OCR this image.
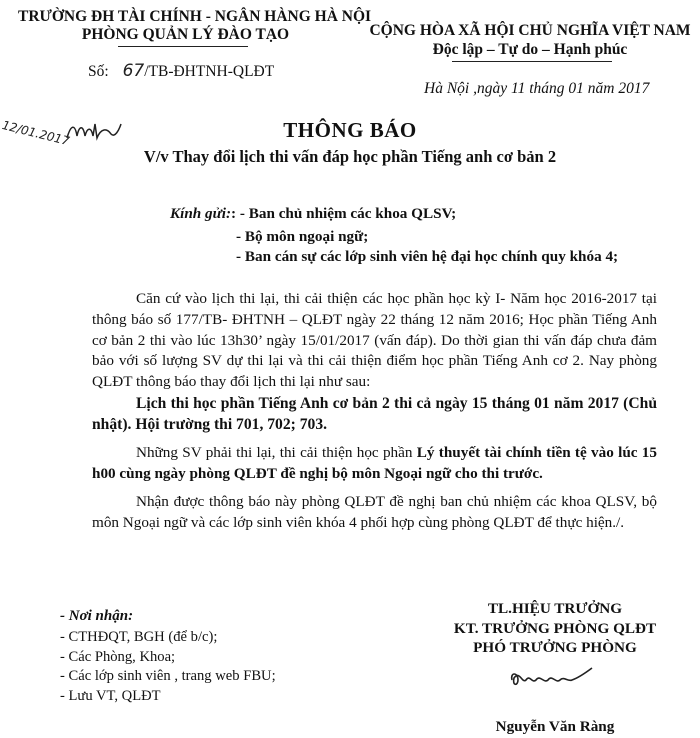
TRƯỜNG ĐH TÀI CHÍNH - NGÂN HÀNG HÀ NỘI
PHÒNG QUẢN LÝ ĐÀO TẠO
Số: 67/TB-ĐHTNH-QLĐT
CỘNG HÒA XÃ HỘI CHỦ NGHĨA VIỆT NAM
Độc lập – Tự do – Hạnh phúc
Hà Nội ,ngày 11 tháng 01 năm 2017
12/01.2017	THÔNG BÁO
V/v Thay đổi lịch thi vấn đáp học phần Tiếng anh cơ bản 2
Kính gửi:: - Ban chủ nhiệm các khoa QLSV;
- Bộ môn ngoại ngữ;
- Ban cán sự các lớp sinh viên hệ đại học chính quy khóa 4;
Căn cứ vào lịch thi lại, thi cải thiện các học phần học kỳ I- Năm học 2016-2017 tại thông báo số 177/TB- ĐHTNH – QLĐT ngày 22 tháng 12 năm 2016; Học phần Tiếng Anh cơ bản 2 thi vào lúc 13h30’ ngày 15/01/2017 (vấn đáp). Do thời gian thi vấn đáp chưa đảm bảo với số lượng SV dự thi lại và thi cải thiện điểm học phần Tiếng Anh cơ 2. Nay phòng QLĐT thông báo thay đổi lịch thi lại như sau:
Lịch thi học phần Tiếng Anh cơ bản 2 thi cả ngày 15 tháng 01 năm 2017 (Chủ nhật). Hội trường thi 701, 702; 703.
Những SV phải thi lại, thi cải thiện học phần Lý thuyết tài chính tiền tệ vào lúc 15 h00 cùng ngày phòng QLĐT đề nghị bộ môn Ngoại ngữ cho thi trước.
Nhận được thông báo này phòng QLĐT đề nghị ban chủ nhiệm các khoa QLSV, bộ môn Ngoại ngữ và các lớp sinh viên khóa 4 phối hợp cùng phòng QLĐT để thực hiện./.
- Nơi nhận:
- CTHĐQT, BGH (để b/c);
- Các Phòng, Khoa;
- Các lớp sinh viên , trang web FBU;
- Lưu VT, QLĐT
TL.HIỆU TRƯỞNG
KT. TRƯỞNG PHÒNG QLĐT
PHÓ TRƯỞNG PHÒNG
Nguyễn Văn Ràng
